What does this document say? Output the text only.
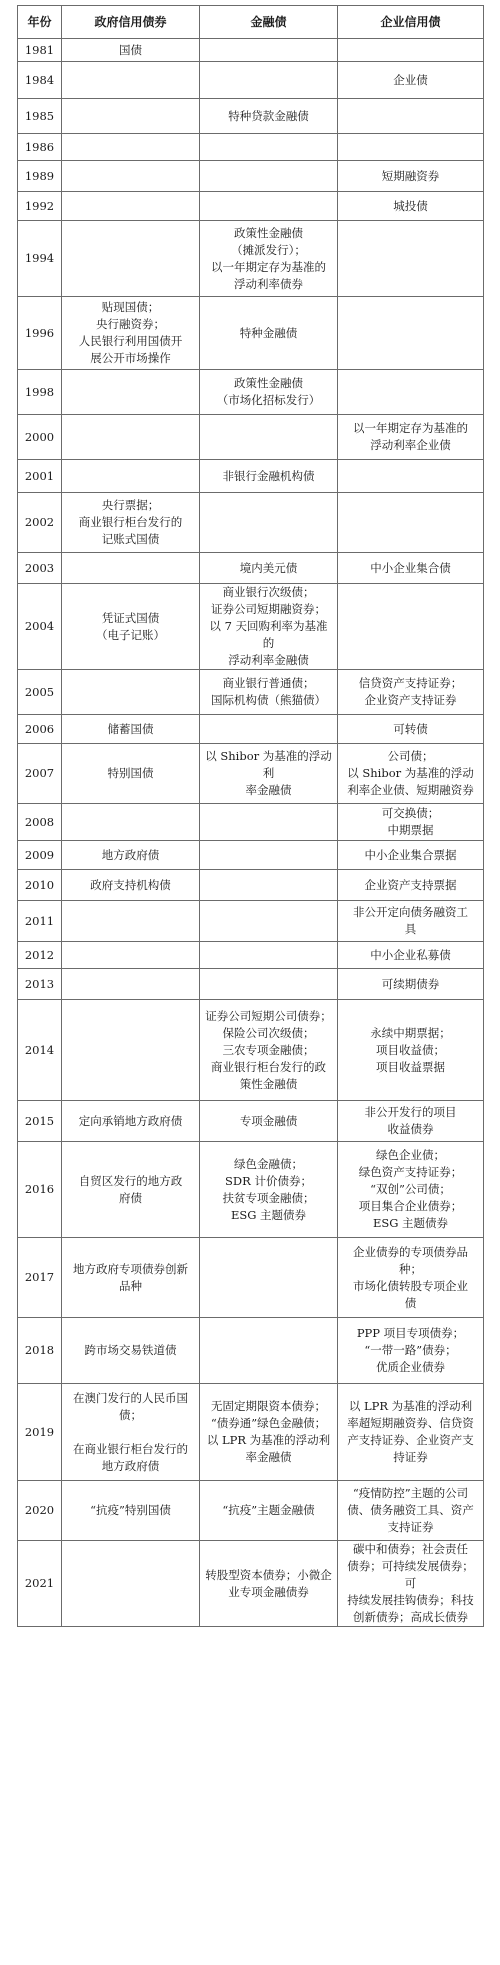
年份	政府信用债券	金融债	企业信用债
1981	国债		
1984			企业债
1985		特种贷款金融债	
1986			
1989			短期融资券
1992			城投债
1994		政策性金融债
（摊派发行）；
以一年期定存为基准的
浮动利率债券	
1996	贴现国债；
央行融资券；
人民银行利用国债开
展公开市场操作	特种金融债	
1998		政策性金融债
（市场化招标发行）	
2000			以一年期定存为基准的
浮动利率企业债
2001		非银行金融机构债	
2002	央行票据；
商业银行柜台发行的
记账式国债		
2003		境内美元债	中小企业集合债
2004	凭证式国债
（电子记账）	商业银行次级债；
证券公司短期融资券；
以 7 天回购利率为基准的
浮动利率金融债	
2005		商业银行普通债；
国际机构债（熊猫债）	信贷资产支持证券；
企业资产支持证券
2006	储蓄国债		可转债
2007	特别国债	以 Shibor 为基准的浮动利
率金融债	公司债；
以 Shibor 为基准的浮动
利率企业债、短期融资券
2008			可交换债；
中期票据
2009	地方政府债		中小企业集合票据
2010	政府支持机构债		企业资产支持票据
2011			非公开定向债务融资工
具
2012			中小企业私募债
2013			可续期债券
2014		证券公司短期公司债券；
保险公司次级债；
三农专项金融债；
商业银行柜台发行的政
策性金融债	永续中期票据；
项目收益债；
项目收益票据
2015	定向承销地方政府债	专项金融债	非公开发行的项目
收益债券
2016	自贸区发行的地方政
府债	绿色金融债；
SDR 计价债券；
扶贫专项金融债；
ESG 主题债券	绿色企业债；
绿色资产支持证券；
“双创”公司债；
项目集合企业债券；
ESG 主题债券
2017	地方政府专项债券创新
品种		企业债券的专项债券品
种；
市场化债转股专项企业
债
2018	跨市场交易铁道债		PPP 项目专项债券；
“一带一路”债券；
优质企业债券
2019	在澳门发行的人民币国
债；

在商业银行柜台发行的
地方政府债	无固定期限资本债券；
“债券通”绿色金融债；
以 LPR 为基准的浮动利
率金融债	以 LPR 为基准的浮动利
率超短期融资券、信贷资
产支持证券、企业资产支
持证券
2020	“抗疫”特别国债	“抗疫”主题金融债	“疫情防控”主题的公司
债、债务融资工具、资产
支持证券
2021		转股型资本债券；小微企
业专项金融债券	碳中和债券；社会责任
债券；可持续发展债券；可
持续发展挂钩债券；科技
创新债券；高成长债券
